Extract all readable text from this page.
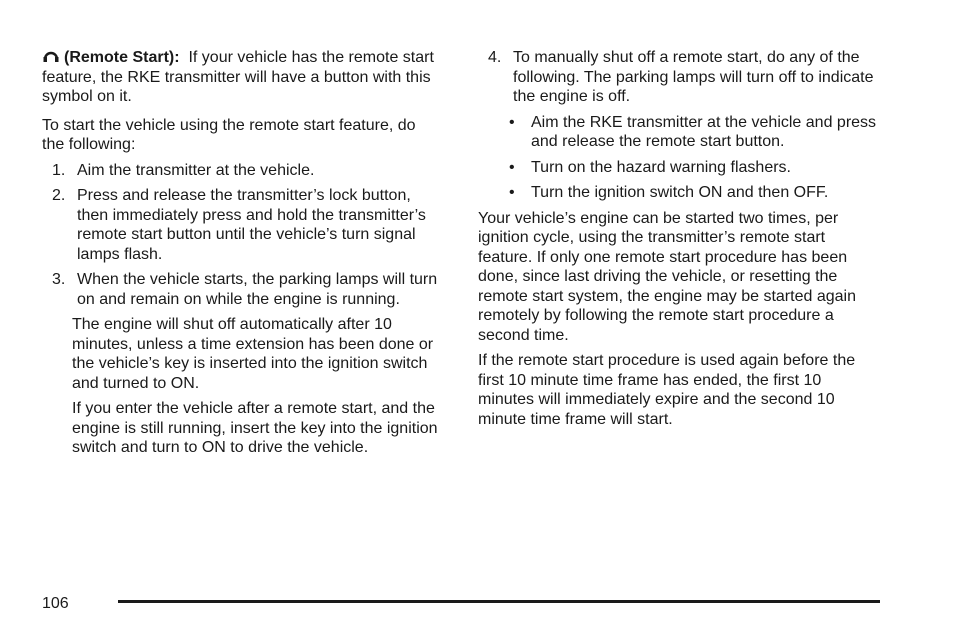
(Remote Start): If your vehicle has the remote start feature, the RKE transmitter will have a button with this symbol on it.

To start the vehicle using the remote start feature, do the following:

1. Aim the transmitter at the vehicle.
2. Press and release the transmitter’s lock button, then immediately press and hold the transmitter’s remote start button until the vehicle’s turn signal lamps flash.
3. When the vehicle starts, the parking lamps will turn on and remain on while the engine is running.

The engine will shut off automatically after 10 minutes, unless a time extension has been done or the vehicle’s key is inserted into the ignition switch and turned to ON.

If you enter the vehicle after a remote start, and the engine is still running, insert the key into the ignition switch and turn to ON to drive the vehicle.

4. To manually shut off a remote start, do any of the following. The parking lamps will turn off to indicate the engine is off.
• Aim the RKE transmitter at the vehicle and press and release the remote start button.
• Turn on the hazard warning flashers.
• Turn the ignition switch ON and then OFF.

Your vehicle’s engine can be started two times, per ignition cycle, using the transmitter’s remote start feature. If only one remote start procedure has been done, since last driving the vehicle, or resetting the remote start system, the engine may be started again remotely by following the remote start procedure a second time.

If the remote start procedure is used again before the first 10 minute time frame has ended, the first 10 minutes will immediately expire and the second 10 minute time frame will start.

106
